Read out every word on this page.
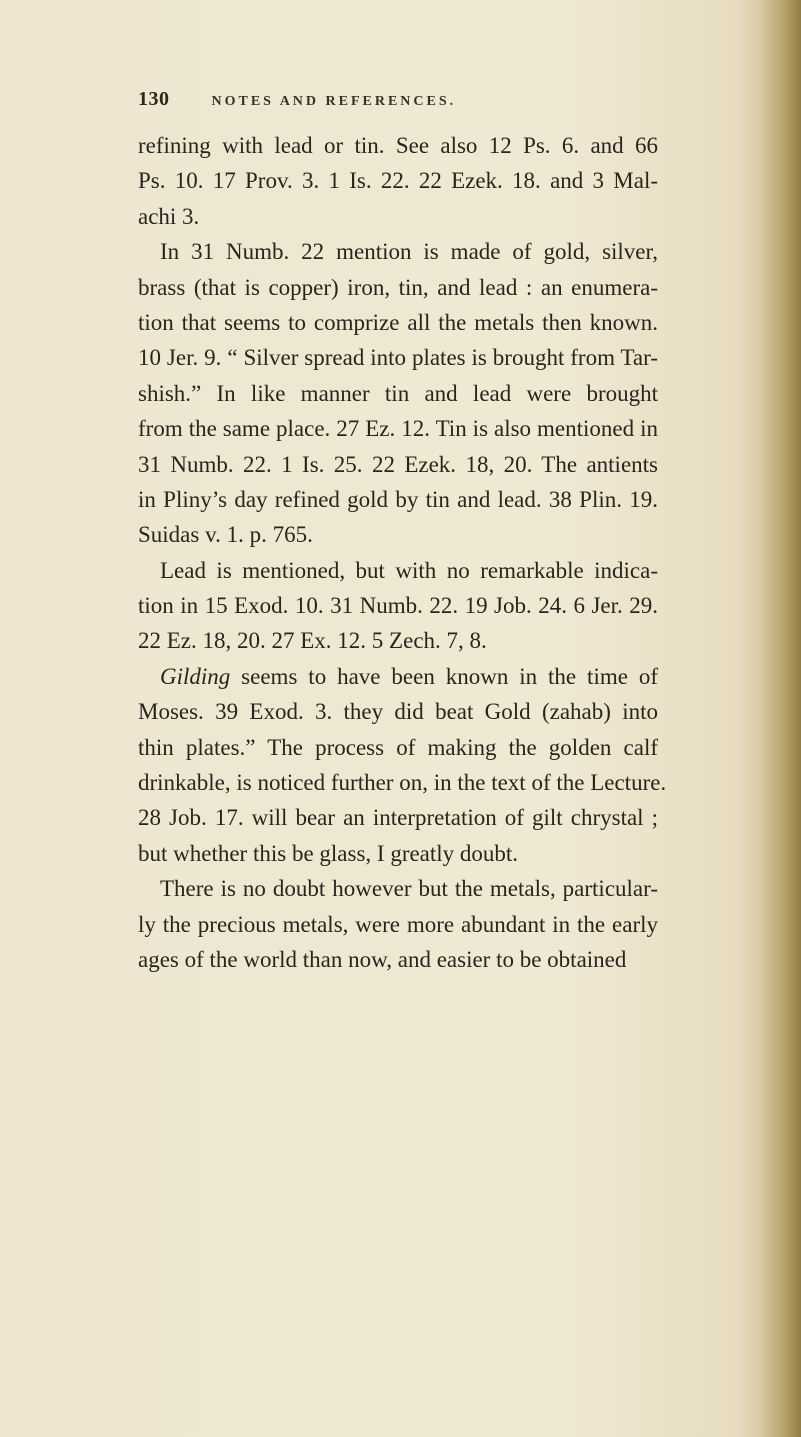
130	NOTES AND REFERENCES.
refining with lead or tin. See also 12 Ps. 6. and 66
Ps. 10. 17 Prov. 3. 1 Is. 22. 22 Ezek. 18. and 3 Mal-
achi 3.
In 31 Numb. 22 mention is made of gold, silver,
brass (that is copper) iron, tin, and lead : an enumera-
tion that seems to comprize all the metals then known.
10 Jer. 9. “ Silver spread into plates is brought from Tar-
shish.” In like manner tin and lead were brought
from the same place. 27 Ez. 12. Tin is also mentioned in
31 Numb. 22. 1 Is. 25. 22 Ezek. 18, 20. The antients
in Pliny’s day refined gold by tin and lead. 38 Plin. 19.
Suidas v. 1. p. 765.
Lead is mentioned, but with no remarkable indica-
tion in 15 Exod. 10. 31 Numb. 22. 19 Job. 24. 6 Jer. 29.
22 Ez. 18, 20. 27 Ex. 12. 5 Zech. 7, 8.
Gilding seems to have been known in the time of
Moses. 39 Exod. 3. they did beat Gold (zahab) into
thin plates.” The process of making the golden calf
drinkable, is noticed further on, in the text of the Lecture.
28 Job. 17. will bear an interpretation of gilt chrystal ;
but whether this be glass, I greatly doubt.
There is no doubt however but the metals, particular-
ly the precious metals, were more abundant in the early
ages of the world than now, and easier to be obtained
